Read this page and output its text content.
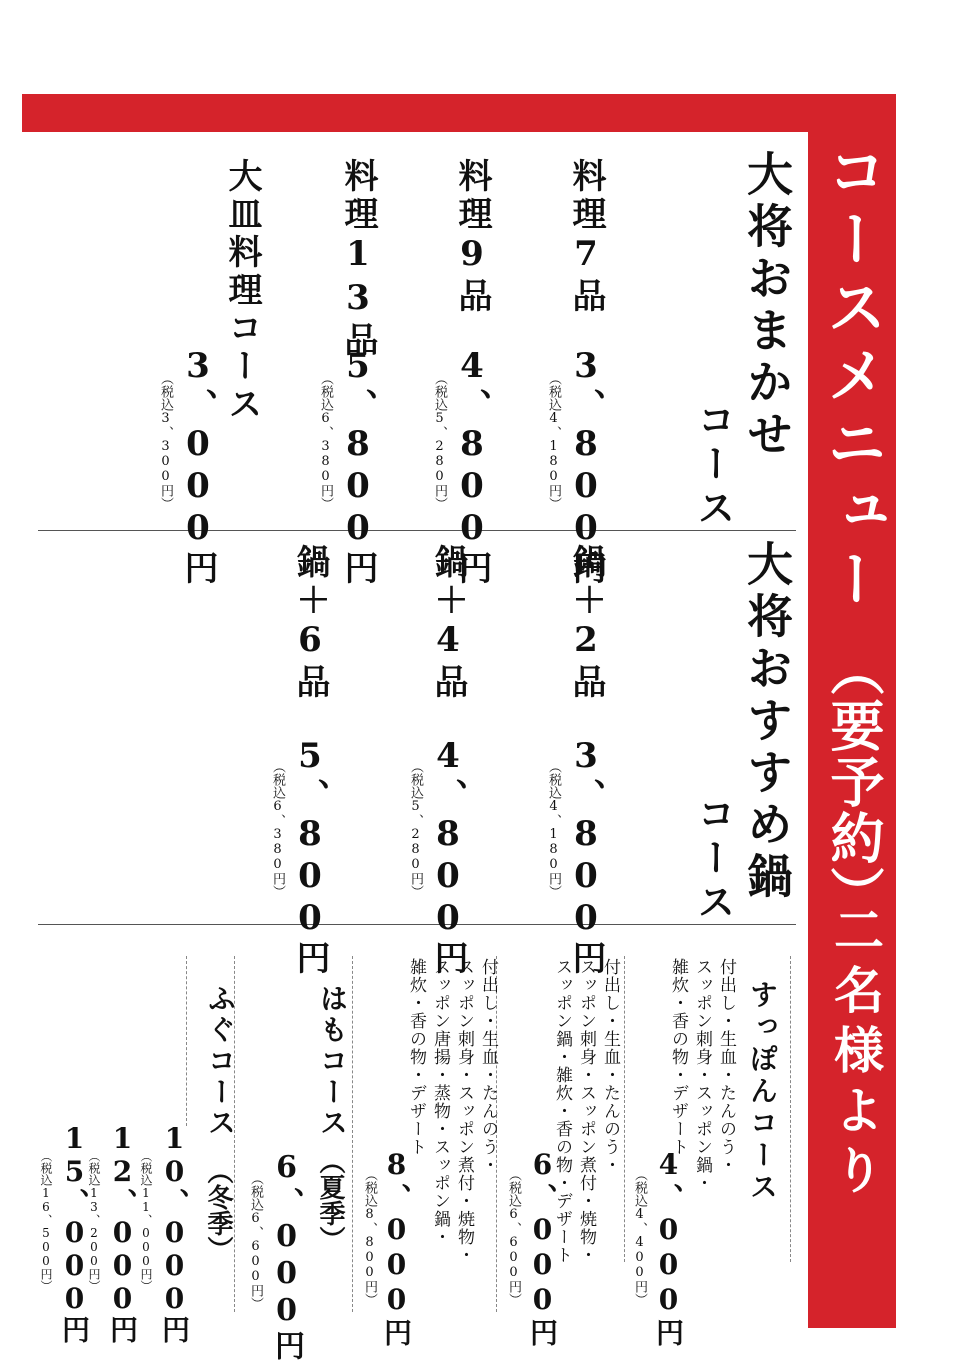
コースメニュー
（要予約）
二名様より
大将おまかせ
コース
料理7品
3、800円
（税込4、180円）
料理9品
4、800円
（税込5、280円）
料理13品
5、800円
（税込6、380円）
大皿料理コース
3、000円
（税込3、300円）
大将おすすめ鍋
コース
鍋＋2品
3、800円
（税込4、180円）
鍋＋4品
4、800円
（税込5、280円）
鍋＋6品
5、800円
（税込6、380円）
すっぽんコース
付出し・生血・たんのう・
スッポン刺身・スッポン鍋・
雑炊・香の物・デザート
4、000円
（税込4、400円）
付出し・生血・たんのう・
スッポン刺身・スッポン煮付・焼物・
スッポン鍋・雑炊・香の物・デザート
6、000円
（税込6、600円）
付出し・生血・たんのう・
スッポン刺身・スッポン煮付・焼物・
スッポン唐揚・蒸物・スッポン鍋・
雑炊・香の物・デザート
8、000円
（税込8、800円）
はもコース
（夏季）
6、000円
（税込6、600円）
ふぐコース
（冬季）
10、000円
（税込11、000円）
12、000円
（税込13、200円）
15、000円
（税込16、500円）
